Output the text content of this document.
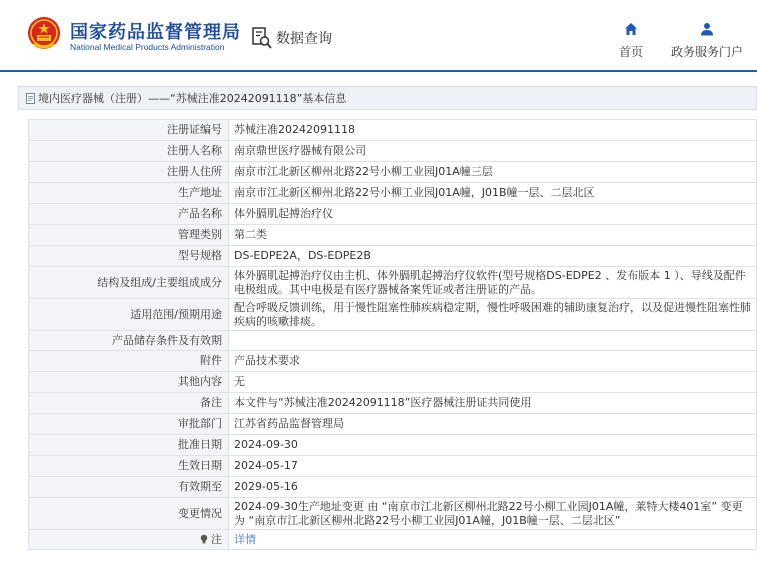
国家药品监督管理局
National Medical Products Administration	数据查询
首页	政务服务门户
境内医疗器械（注册）——“苏械注准20242091118”基本信息
注册证编号	苏械注准20242091118
注册人名称	南京鼎世医疗器械有限公司
注册人住所	南京市江北新区柳州北路22号小柳工业园J01A幢三层
生产地址	南京市江北新区柳州北路22号小柳工业园J01A幢，J01B幢一层、二层北区
产品名称	体外膈肌起搏治疗仪
管理类别	第二类
型号规格	DS-EDPE2A，DS-EDPE2B
结构及组成/主要组成成分	体外膈肌起搏治疗仪由主机、体外膈肌起搏治疗仪软件(型号规格DS-EDPE2 、发布版本 1 ）、导线及配件电极组成。其中电极是有医疗器械备案凭证或者注册证的产品。
适用范围/预期用途	配合呼吸反馈训练，用于慢性阻塞性肺疾病稳定期，慢性呼吸困难的辅助康复治疗，以及促进慢性阻塞性肺疾病的咳嗽排痰。
产品储存条件及有效期	
附件	产品技术要求
其他内容	无
备注	本文件与“苏械注准20242091118”医疗器械注册证共同使用
审批部门	江苏省药品监督管理局
批准日期	2024-09-30
生效日期	2024-05-17
有效期至	2029-05-16
变更情况	2024-09-30生产地址变更 由 “南京市江北新区柳州北路22号小柳工业园J01A幢，莱特大楼401室” 变更为 “南京市江北新区柳州北路22号小柳工业园J01A幢，J01B幢一层、二层北区”
注	详情
